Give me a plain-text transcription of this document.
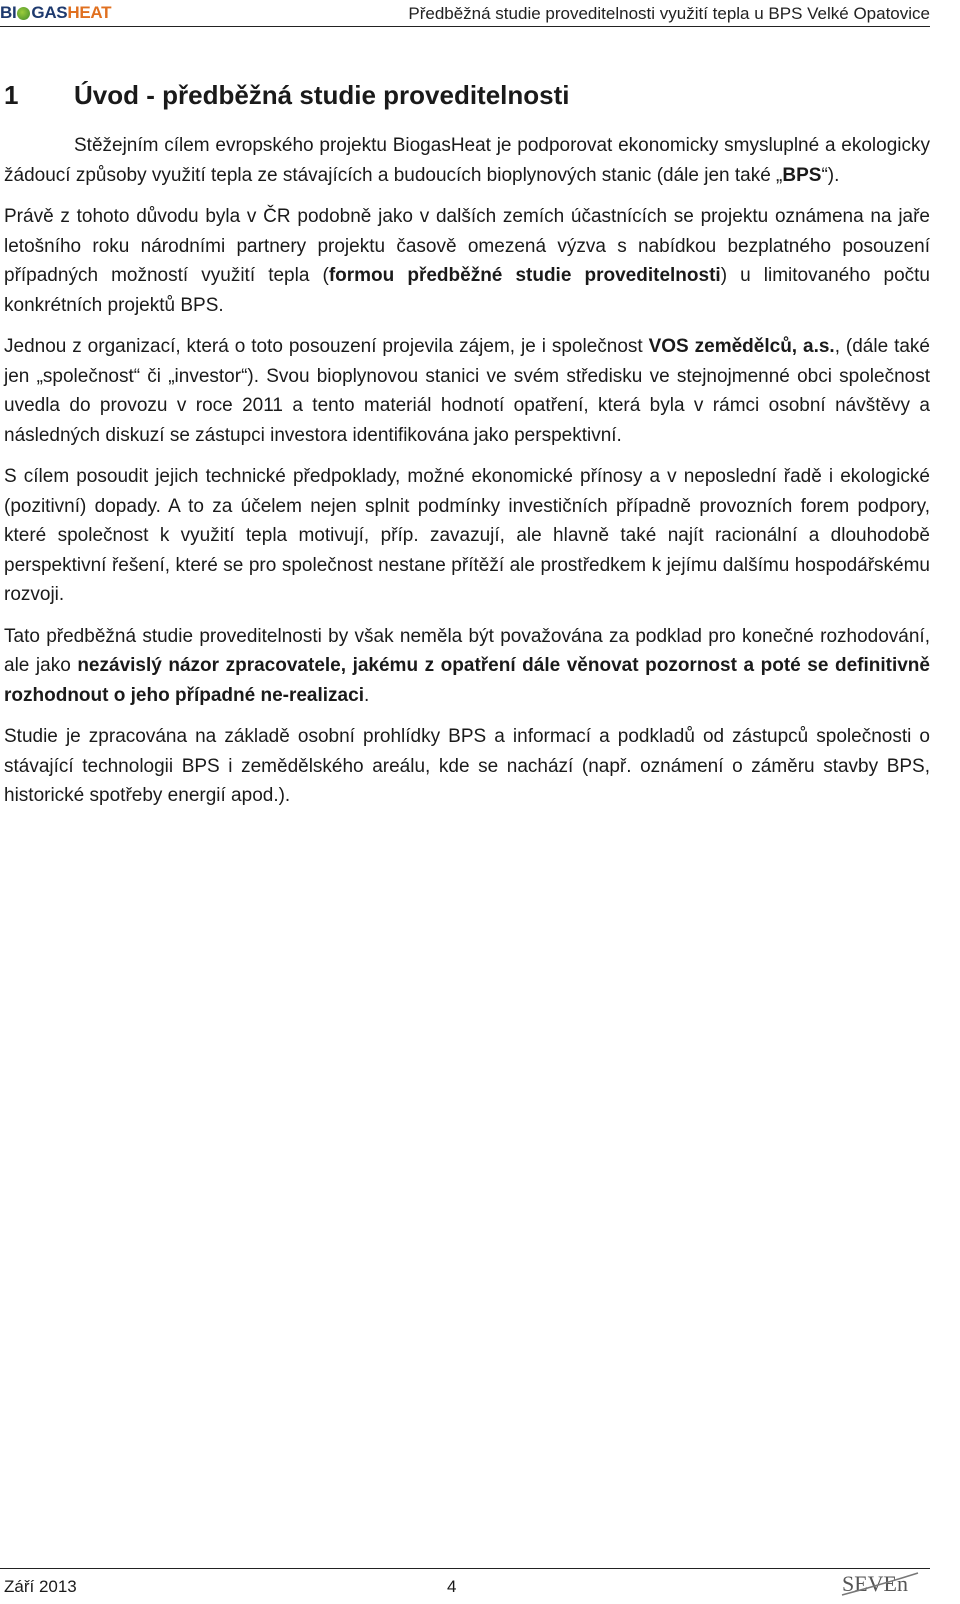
BI GAS HEAT	Předběžná studie proveditelnosti využití tepla u BPS Velké Opatovice
1	Úvod - předběžná studie proveditelnosti

Stěžejním cílem evropského projektu BiogasHeat je podporovat ekonomicky smysluplné a ekologicky žádoucí způsoby využití tepla ze stávajících a budoucích bioplynových stanic (dále jen také „BPS“).

Právě z tohoto důvodu byla v ČR podobně jako v dalších zemích účastnících se projektu oznámena na jaře letošního roku národními partnery projektu časově omezená výzva s nabídkou bezplatného posouzení případných možností využití tepla (formou předběžné studie proveditelnosti) u limitovaného počtu konkrétních projektů BPS.

Jednou z organizací, která o toto posouzení projevila zájem, je i společnost VOS zemědělců, a.s., (dále také jen „společnost“ či „investor“). Svou bioplynovou stanici ve svém středisku ve stejnojmenné obci společnost uvedla do provozu v roce 2011 a tento materiál hodnotí opatření, která byla v rámci osobní návštěvy a následných diskuzí se zástupci investora identifikována jako perspektivní.

S cílem posoudit jejich technické předpoklady, možné ekonomické přínosy a v neposlední řadě i ekologické (pozitivní) dopady. A to za účelem nejen splnit podmínky investičních případně provozních forem podpory, které společnost k využití tepla motivují, příp. zavazují, ale hlavně také najít racionální a dlouhodobě perspektivní řešení, které se pro společnost nestane přítěží ale prostředkem k jejímu dalšímu hospodářskému rozvoji.

Tato předběžná studie proveditelnosti by však neměla být považována za podklad pro konečné rozhodování, ale jako nezávislý názor zpracovatele, jakému z opatření dále věnovat pozornost a poté se definitivně rozhodnout o jeho případné ne-realizaci.

Studie je zpracována na základě osobní prohlídky BPS a informací a podkladů od zástupců společnosti o stávající technologii BPS i zemědělského areálu, kde se nachází (např. oznámení o záměru stavby BPS, historické spotřeby energií apod.).

Září 2013	4	SEVEn
